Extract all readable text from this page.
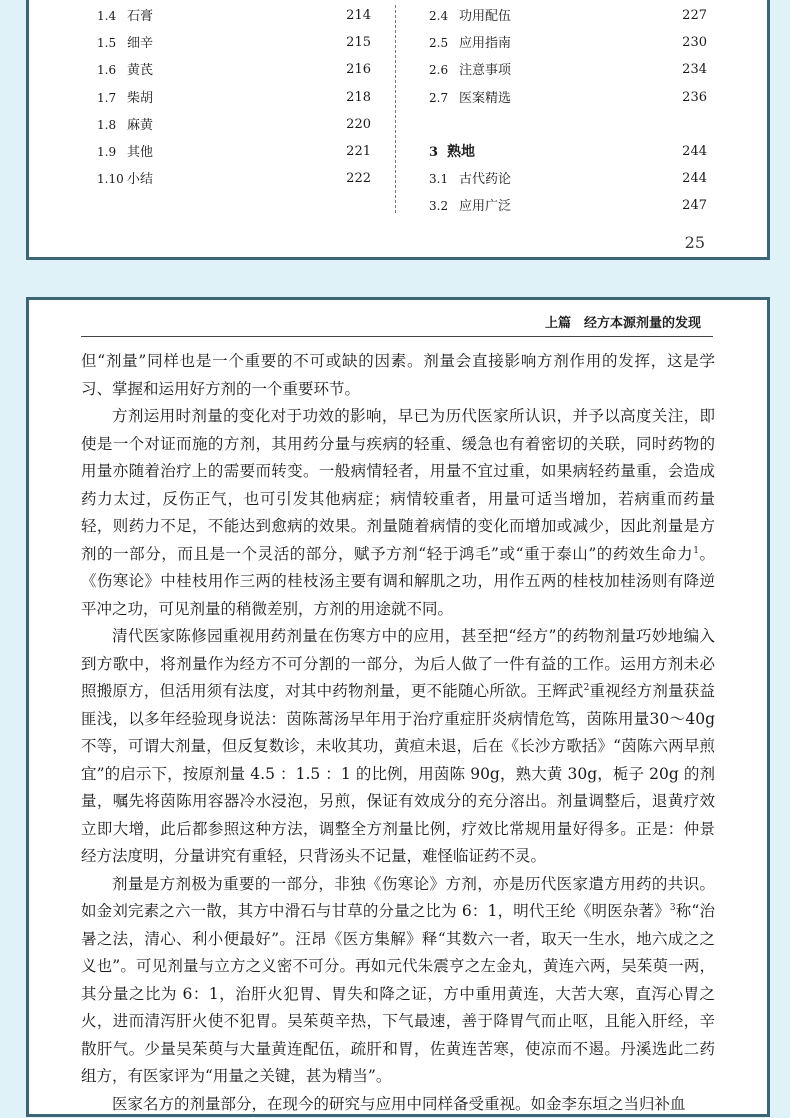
1.4 石膏	214
1.5 细辛	215
1.6 黄芪	216
1.7 柴胡	218
1.8 麻黄	220
1.9 其他	221
1.10 小结	222
2.4 功用配伍	227
2.5 应用指南	230
2.6 注意事项	234
2.7 医案精选	236
3 熟地	244
3.1 古代药论	244
3.2 应用广泛	247
25
上篇　经方本源剂量的发现

但“剂量”同样也是一个重要的不可或缺的因素。剂量会直接影响方剂作用的发挥，这是学习、掌握和运用好方剂的一个重要环节。

方剂运用时剂量的变化对于功效的影响，早已为历代医家所认识，并予以高度关注，即使是一个对证而施的方剂，其用药分量与疾病的轻重、缓急也有着密切的关联，同时药物的用量亦随着治疗上的需要而转变。一般病情轻者，用量不宜过重，如果病轻药量重，会造成药力太过，反伤正气，也可引发其他病症；病情较重者，用量可适当增加，若病重而药量轻，则药力不足，不能达到愈病的效果。剂量随着病情的变化而增加或减少，因此剂量是方剂的一部分，而且是一个灵活的部分，赋予方剂“轻于鸿毛”或“重于泰山”的药效生命力$^1$。《伤寒论》中桂枝用作三两的桂枝汤主要有调和解肌之功，用作五两的桂枝加桂汤则有降逆平冲之功，可见剂量的稍微差别，方剂的用途就不同。

清代医家陈修园重视用药剂量在伤寒方中的应用，甚至把“经方”的药物剂量巧妙地编入到方歌中，将剂量作为经方不可分割的一部分，为后人做了一件有益的工作。运用方剂未必照搬原方，但活用须有法度，对其中药物剂量，更不能随心所欲。王辉武$^2$重视经方剂量获益匪浅，以多年经验现身说法：茵陈蒿汤早年用于治疗重症肝炎病情危笃，茵陈用量30～40g不等，可谓大剂量，但反复数诊，未收其功，黄疸未退，后在《长沙方歌括》“茵陈六两早煎宜”的启示下，按原剂量 4.5 ：1.5 ：1 的比例，用茵陈 90g，熟大黄 30g，栀子 20g 的剂量，嘱先将茵陈用容器冷水浸泡，另煎，保证有效成分的充分溶出。剂量调整后，退黄疗效立即大增，此后都参照这种方法，调整全方剂量比例，疗效比常规用量好得多。正是：仲景经方法度明，分量讲究有重轻，只背汤头不记量，难怪临证药不灵。

剂量是方剂极为重要的一部分，非独《伤寒论》方剂，亦是历代医家遣方用药的共识。如金刘完素之六一散，其方中滑石与甘草的分量之比为 6：1，明代王纶《明医杂著》$^3$称“治暑之法，清心、利小便最好”。汪昂《医方集解》释“其数六一者，取天一生水，地六成之之义也”。可见剂量与立方之义密不可分。再如元代朱震亨之左金丸，黄连六两，吴茱萸一两，其分量之比为 6：1，治肝火犯胃、胃失和降之证，方中重用黄连，大苦大寒，直泻心胃之火，进而清泻肝火使不犯胃。吴茱萸辛热，下气最速，善于降胃气而止呕，且能入肝经，辛散肝气。少量吴茱萸与大量黄连配伍，疏肝和胃，佐黄连苦寒，使凉而不遏。丹溪选此二药组方，有医家评为“用量之关键，甚为精当”。

医家名方的剂量部分，在现今的研究与应用中同样备受重视。如金李东垣之当归补血
